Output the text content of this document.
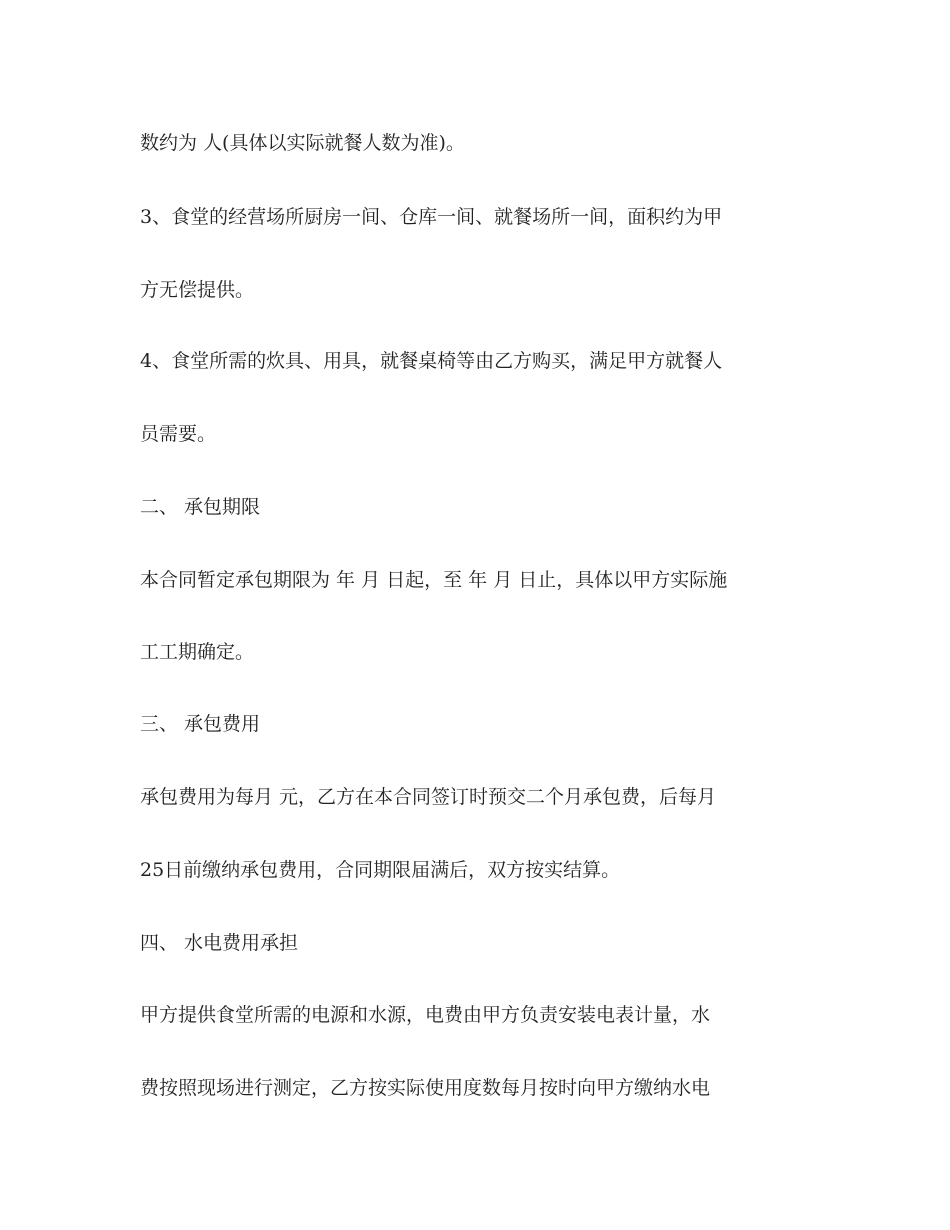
数约为 人(具体以实际就餐人数为准)。
3、食堂的经营场所厨房一间、仓库一间、就餐场所一间，面积约为甲
方无偿提供。
4、食堂所需的炊具、用具，就餐桌椅等由乙方购买，满足甲方就餐人
员需要。
二、 承包期限
本合同暂定承包期限为 年 月 日起，至 年 月 日止，具体以甲方实际施
工工期确定。
三、 承包费用
承包费用为每月 元，乙方在本合同签订时预交二个月承包费，后每月
25日前缴纳承包费用，合同期限届满后，双方按实结算。
四、 水电费用承担
甲方提供食堂所需的电源和水源，电费由甲方负责安装电表计量，水
费按照现场进行测定，乙方按实际使用度数每月按时向甲方缴纳水电
